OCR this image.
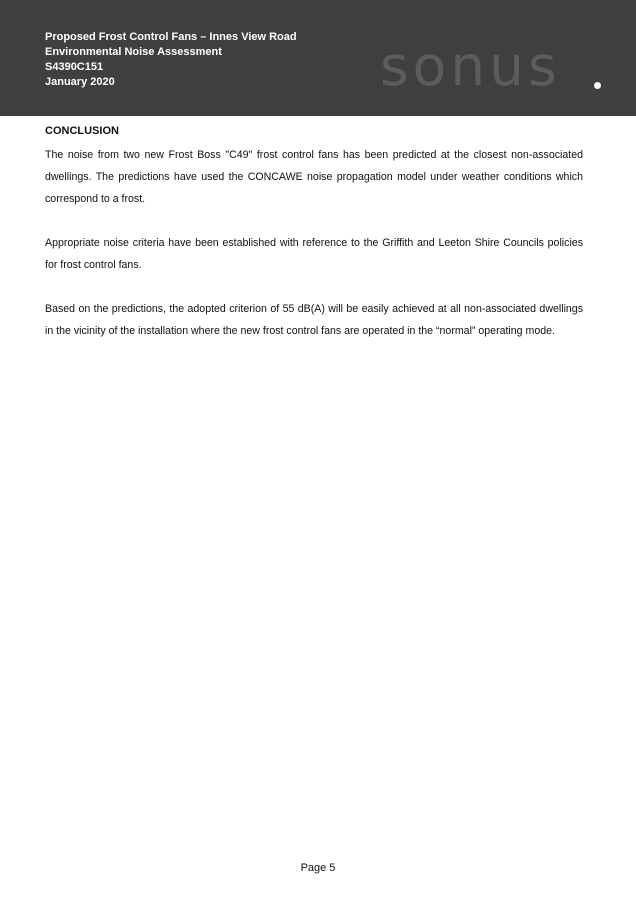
Proposed Frost Control Fans – Innes View Road
Environmental Noise Assessment
S4390C151
January 2020	sonus
CONCLUSION

The noise from two new Frost Boss "C49" frost control fans has been predicted at the closest non-associated dwellings. The predictions have used the CONCAWE noise propagation model under weather conditions which correspond to a frost.

Appropriate noise criteria have been established with reference to the Griffith and Leeton Shire Councils policies for frost control fans.

Based on the predictions, the adopted criterion of 55 dB(A) will be easily achieved at all non-associated dwellings in the vicinity of the installation where the new frost control fans are operated in the “normal” operating mode.

Page 5
